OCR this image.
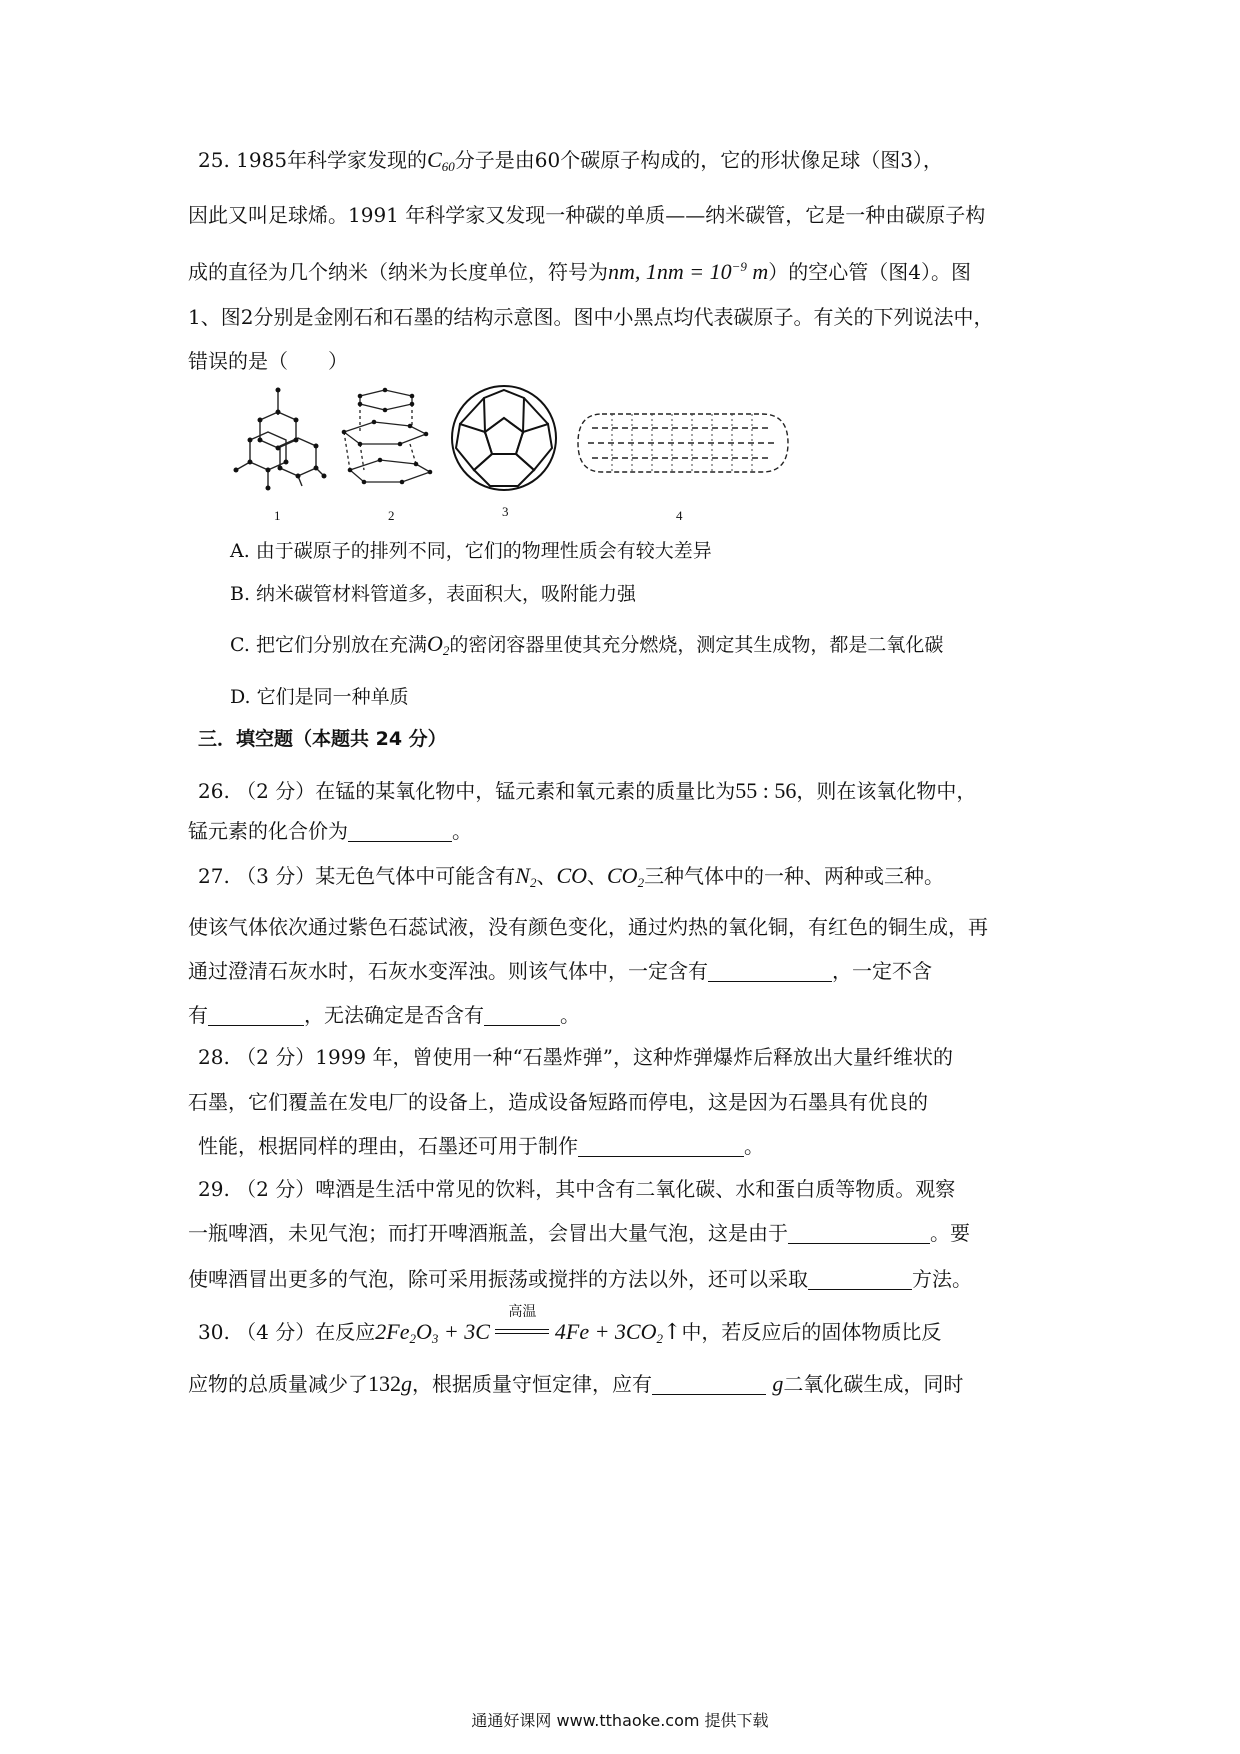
25. 1985年科学家发现的$C_{60}$分子是由60个碳原子构成的，它的形状像足球（图3），
因此又叫足球烯。1991 年科学家又发现一种碳的单质——纳米碳管，它是一种由碳原子构
成的直径为几个纳米（纳米为长度单位，符号为nm, $1nm = 10^{-9}$ m）的空心管（图4）。图
1、图2分别是金刚石和石墨的结构示意图。图中小黑点均代表碳原子。有关的下列说法中，
错误的是（　　）
1	2	3	4
A. 由于碳原子的排列不同，它们的物理性质会有较大差异
B. 纳米碳管材料管道多，表面积大，吸附能力强
C. 把它们分别放在充满$O_2$的密闭容器里使其充分燃烧，测定其生成物，都是二氧化碳
D. 它们是同一种单质
三．填空题（本题共 24 分）
26. （2 分）在锰的某氧化物中，锰元素和氧元素的质量比为55 : 56，则在该氧化物中，
锰元素的化合价为	。
27. （3 分）某无色气体中可能含有$N_2$、CO、$CO_2$三种气体中的一种、两种或三种。
使该气体依次通过紫色石蕊试液，没有颜色变化，通过灼热的氧化铜，有红色的铜生成，再
通过澄清石灰水时，石灰水变浑浊。则该气体中，一定含有	，一定不含
有	，无法确定是否含有	。
28. （2 分）1999 年，曾使用一种“石墨炸弹”，这种炸弹爆炸后释放出大量纤维状的
石墨，它们覆盖在发电厂的设备上，造成设备短路而停电，这是因为石墨具有优良的
性能，根据同样的理由，石墨还可用于制作	。
29. （2 分）啤酒是生活中常见的饮料，其中含有二氧化碳、水和蛋白质等物质。观察
一瓶啤酒，未见气泡；而打开啤酒瓶盖，会冒出大量气泡，这是由于	。要
使啤酒冒出更多的气泡，除可采用振荡或搅拌的方法以外，还可以采取	方法。
30. （4 分）在反应$2Fe_2O_3 + 3C$
高温
$4Fe + 3CO_2↑$中，若反应后的固体物质比反
应物的总质量减少了132g，根据质量守恒定律，应有	g二氧化碳生成，同时
通通好课网 www.tthaoke.com 提供下载
